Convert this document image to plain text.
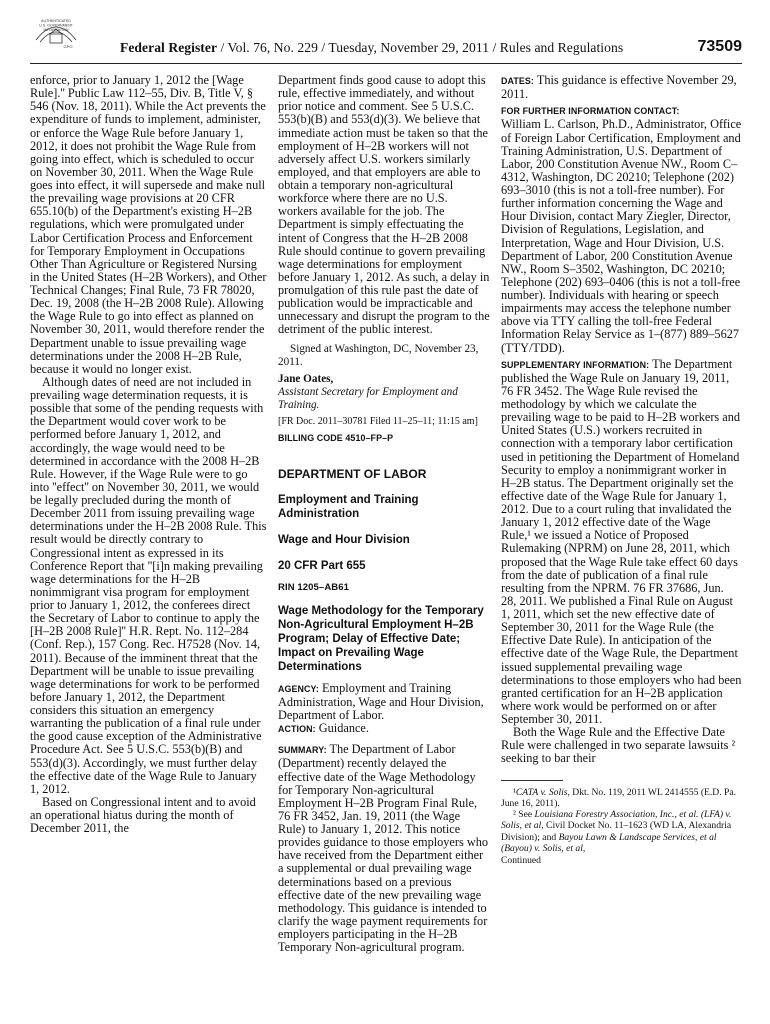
AUTHENTICATED
U.S. GOVERNMENT
INFORMATION
GPO	Federal Register / Vol. 76, No. 229 / Tuesday, November 29, 2011 / Rules and Regulations	73509

enforce, prior to January 1, 2012 the [Wage Rule].'' Public Law 112–55, Div. B, Title V, § 546 (Nov. 18, 2011). While the Act prevents the expenditure of funds to implement, administer, or enforce the Wage Rule before January 1, 2012, it does not prohibit the Wage Rule from going into effect, which is scheduled to occur on November 30, 2011. When the Wage Rule goes into effect, it will supersede and make null the prevailing wage provisions at 20 CFR 655.10(b) of the Department's existing H–2B regulations, which were promulgated under Labor Certification Process and Enforcement for Temporary Employment in Occupations Other Than Agriculture or Registered Nursing in the United States (H–2B Workers), and Other Technical Changes; Final Rule, 73 FR 78020, Dec. 19, 2008 (the H–2B 2008 Rule). Allowing the Wage Rule to go into effect as planned on November 30, 2011, would therefore render the Department unable to issue prevailing wage determinations under the 2008 H–2B Rule, because it would no longer exist.

Although dates of need are not included in prevailing wage determination requests, it is possible that some of the pending requests with the Department would cover work to be performed before January 1, 2012, and accordingly, the wage would need to be determined in accordance with the 2008 H–2B Rule. However, if the Wage Rule were to go into ''effect'' on November 30, 2011, we would be legally precluded during the month of December 2011 from issuing prevailing wage determinations under the H–2B 2008 Rule. This result would be directly contrary to Congressional intent as expressed in its Conference Report that ''[i]n making prevailing wage determinations for the H–2B nonimmigrant visa program for employment prior to January 1, 2012, the conferees direct the Secretary of Labor to continue to apply the [H–2B 2008 Rule]'' H.R. Rept. No. 112–284 (Conf. Rep.), 157 Cong. Rec. H7528 (Nov. 14, 2011). Because of the imminent threat that the Department will be unable to issue prevailing wage determinations for work to be performed before January 1, 2012, the Department considers this situation an emergency warranting the publication of a final rule under the good cause exception of the Administrative Procedure Act. See 5 U.S.C. 553(b)(B) and 553(d)(3). Accordingly, we must further delay the effective date of the Wage Rule to January 1, 2012.

Based on Congressional intent and to avoid an operational hiatus during the month of December 2011, the

Department finds good cause to adopt this rule, effective immediately, and without prior notice and comment. See 5 U.S.C. 553(b)(B) and 553(d)(3). We believe that immediate action must be taken so that the employment of H–2B workers will not adversely affect U.S. workers similarly employed, and that employers are able to obtain a temporary non-agricultural workforce where there are no U.S. workers available for the job. The Department is simply effectuating the intent of Congress that the H–2B 2008 Rule should continue to govern prevailing wage determinations for employment before January 1, 2012. As such, a delay in promulgation of this rule past the date of publication would be impracticable and unnecessary and disrupt the program to the detriment of the public interest.

Signed at Washington, DC, November 23, 2011.

Jane Oates,

Assistant Secretary for Employment and Training.

[FR Doc. 2011–30781 Filed 11–25–11; 11:15 am]

BILLING CODE 4510–FP–P

DEPARTMENT OF LABOR

Employment and Training Administration

Wage and Hour Division

20 CFR Part 655

RIN 1205–AB61

Wage Methodology for the Temporary Non-Agricultural Employment H–2B Program; Delay of Effective Date; Impact on Prevailing Wage Determinations

AGENCY: Employment and Training Administration, Wage and Hour Division, Department of Labor.

ACTION: Guidance.

SUMMARY: The Department of Labor (Department) recently delayed the effective date of the Wage Methodology for Temporary Non-agricultural Employment H–2B Program Final Rule, 76 FR 3452, Jan. 19, 2011 (the Wage Rule) to January 1, 2012. This notice provides guidance to those employers who have received from the Department either a supplemental or dual prevailing wage determinations based on a previous effective date of the new prevailing wage methodology. This guidance is intended to clarify the wage payment requirements for employers participating in the H–2B Temporary Non-agricultural program.

DATES: This guidance is effective November 29, 2011.

FOR FURTHER INFORMATION CONTACT:

William L. Carlson, Ph.D., Administrator, Office of Foreign Labor Certification, Employment and Training Administration, U.S. Department of Labor, 200 Constitution Avenue NW., Room C–4312, Washington, DC 20210; Telephone (202) 693–3010 (this is not a toll-free number). For further information concerning the Wage and Hour Division, contact Mary Ziegler, Director, Division of Regulations, Legislation, and Interpretation, Wage and Hour Division, U.S. Department of Labor, 200 Constitution Avenue NW., Room S–3502, Washington, DC 20210; Telephone (202) 693–0406 (this is not a toll-free number). Individuals with hearing or speech impairments may access the telephone number above via TTY calling the toll-free Federal Information Relay Service as 1–(877) 889–5627 (TTY/TDD).

SUPPLEMENTARY INFORMATION: The Department published the Wage Rule on January 19, 2011, 76 FR 3452. The Wage Rule revised the methodology by which we calculate the prevailing wage to be paid to H–2B workers and United States (U.S.) workers recruited in connection with a temporary labor certification used in petitioning the Department of Homeland Security to employ a nonimmigrant worker in H–2B status. The Department originally set the effective date of the Wage Rule for January 1, 2012. Due to a court ruling that invalidated the January 1, 2012 effective date of the Wage Rule,¹ we issued a Notice of Proposed Rulemaking (NPRM) on June 28, 2011, which proposed that the Wage Rule take effect 60 days from the date of publication of a final rule resulting from the NPRM. 76 FR 37686, Jun. 28, 2011. We published a Final Rule on August 1, 2011, which set the new effective date of September 30, 2011 for the Wage Rule (the Effective Date Rule). In anticipation of the effective date of the Wage Rule, the Department issued supplemental prevailing wage determinations to those employers who had been granted certification for an H–2B application where work would be performed on or after September 30, 2011.

Both the Wage Rule and the Effective Date Rule were challenged in two separate lawsuits ² seeking to bar their

¹CATA v. Solis, Dkt. No. 119, 2011 WL 2414555 (E.D. Pa. June 16, 2011).

² See Louisiana Forestry Association, Inc., et al. (LFA) v. Solis, et al, Civil Docket No. 11–1623 (WD LA, Alexandria Division); and Bayou Lawn & Landscape Services, et al (Bayou) v. Solis, et al,

Continued
